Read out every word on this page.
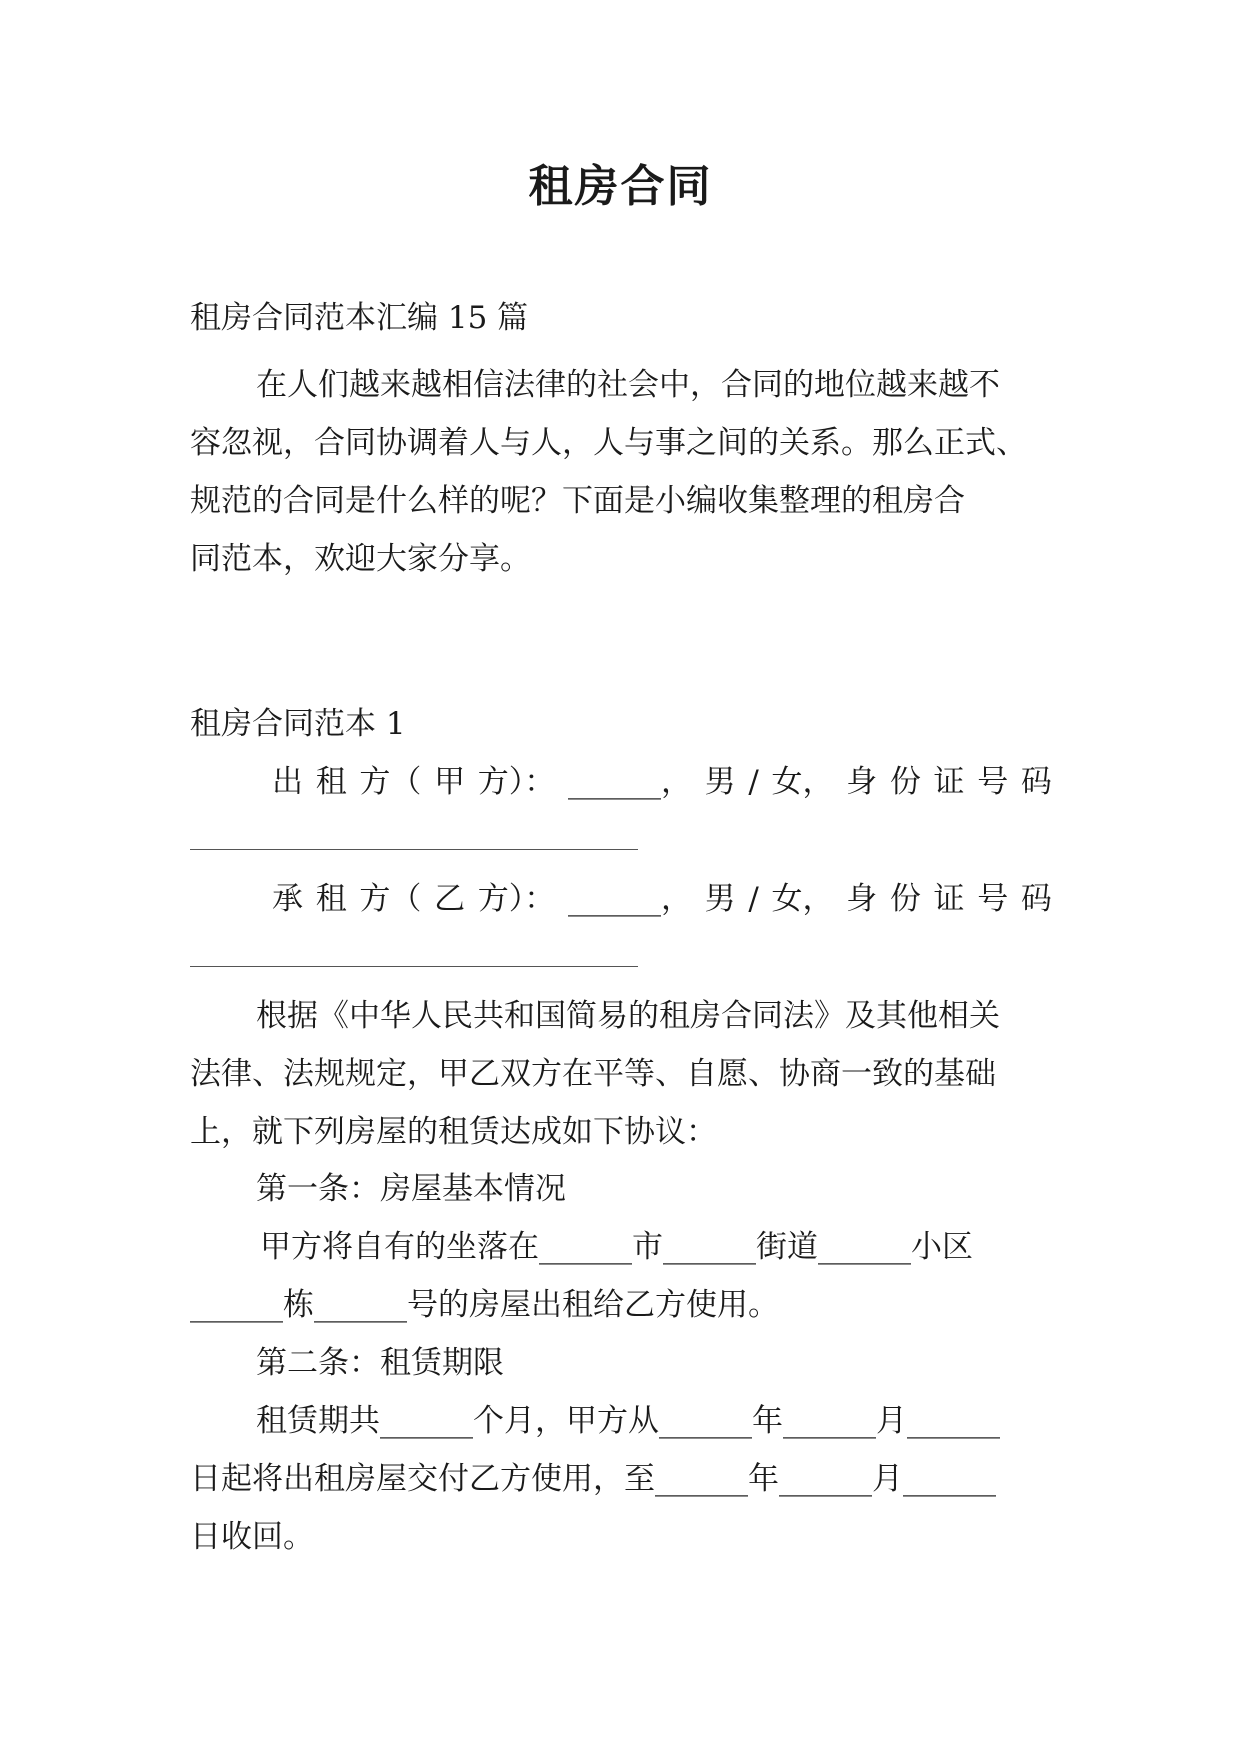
租房合同
租房合同范本汇编 15 篇
在人们越来越相信法律的社会中，合同的地位越来越不
容忽视，合同协调着人与人，人与事之间的关系。那么正式、
规范的合同是什么样的呢？下面是小编收集整理的租房合
同范本，欢迎大家分享。
租房合同范本 1
出 租 方（ 甲 方）： ______， 男 / 女， 身 份 证 号 码
承 租 方（ 乙 方）： ______， 男 / 女， 身 份 证 号 码
根据《中华人民共和国简易的租房合同法》及其他相关
法律、法规规定，甲乙双方在平等、自愿、协商一致的基础
上，就下列房屋的租赁达成如下协议：
第一条：房屋基本情况
甲方将自有的坐落在______市______街道______小区
______栋______号的房屋出租给乙方使用。
第二条：租赁期限
租赁期共______个月，甲方从______年______月______
日起将出租房屋交付乙方使用，至______年______月______
日收回。
